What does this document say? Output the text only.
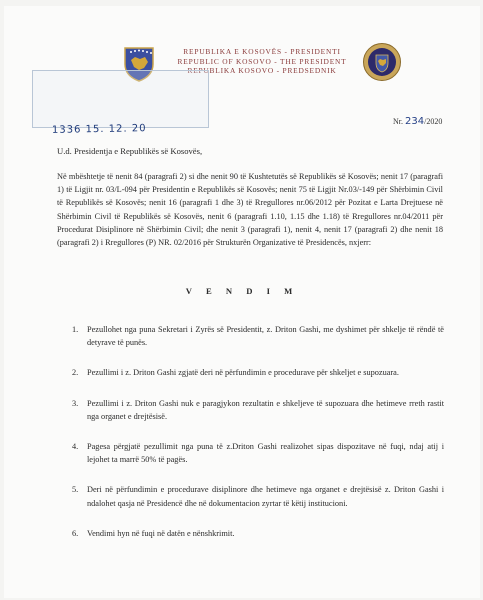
REPUBLIKA E KOSOVËS - PRESIDENTI
REPUBLIC OF KOSOVO - THE PRESIDENT
REPUBLIKA KOSOVO - PREDSEDNIK
1336 15. 12. 20
Nr. 234/2020
U.d. Presidentja e Republikës së Kosovës,
Në mbështetje të nenit 84 (paragrafi 2) si dhe nenit 90 të Kushtetutës së Republikës së Kosovës; nenit 17 (paragrafi 1) të Ligjit nr. 03/L-094 për Presidentin e Republikës së Kosovës; nenit 75 të Ligjit Nr.03/-149 për Shërbimin Civil të Republikës së Kosovës; nenit 16 (paragrafi 1 dhe 3) të Rregullores nr.06/2012 për Pozitat e Larta Drejtuese në Shërbimin Civil të Republikës së Kosovës, nenit 6 (paragrafi 1.10, 1.15 dhe 1.18) të Rregullores nr.04/2011 për Procedurat Disiplinore në Shërbimin Civil; dhe nenit 3 (paragrafi 1), nenit 4, nenit 17 (paragrafi 2) dhe nenit 18 (paragrafi 2) i Rregullores (P) NR. 02/2016 për Strukturën Organizative të Presidencës, nxjerr:
V E N D I M
1.	Pezullohet nga puna Sekretari i Zyrës së Presidentit, z. Driton Gashi, me dyshimet për shkelje të rëndë të detyrave të punës.
2.	Pezullimi i z. Driton Gashi zgjatë deri në përfundimin e procedurave për shkeljet e supozuara.
3.	Pezullimi i z. Driton Gashi nuk e paragjykon rezultatin e shkeljeve të supozuara dhe hetimeve rreth rastit nga organet e drejtësisë.
4.	Pagesa përgjatë pezullimit nga puna të z.Driton Gashi realizohet sipas dispozitave në fuqi, ndaj atij i lejohet ta marrë 50% të pagës.
5.	Deri në përfundimin e procedurave disiplinore dhe hetimeve nga organet e drejtësisë z. Driton Gashi i ndalohet qasja në Presidencë dhe në dokumentacion zyrtar të këtij institucioni.
6.	Vendimi hyn në fuqi në datën e nënshkrimit.
